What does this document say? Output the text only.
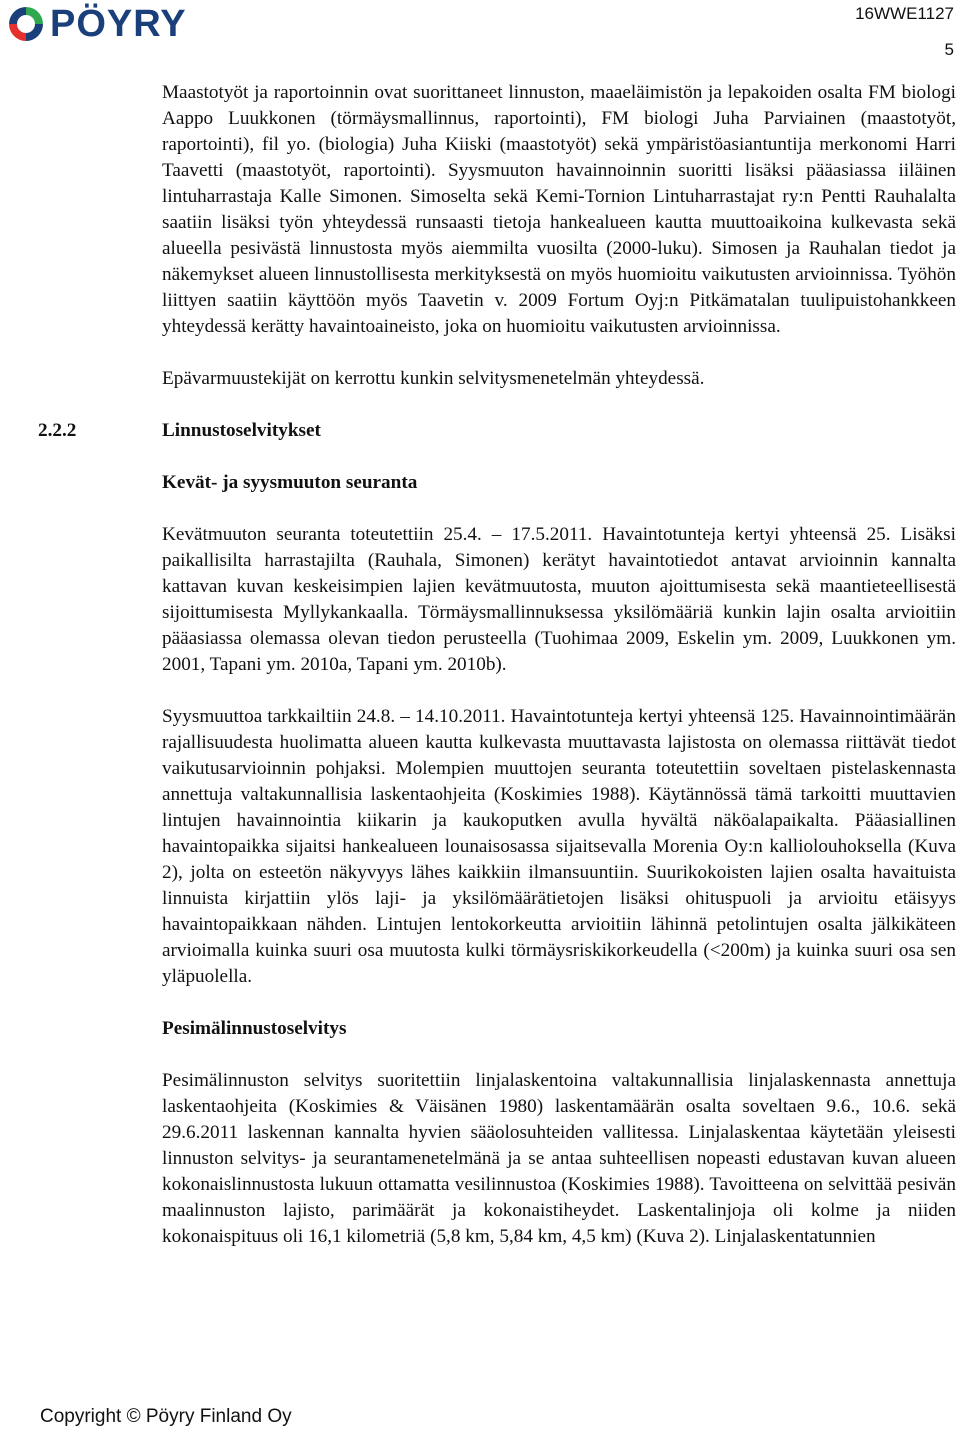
PÖYRY	16WWE1127
5

Maastotyöt ja raportoinnin ovat suorittaneet linnuston, maaeläimistön ja lepakoiden osalta FM biologi Aappo Luukkonen (törmäysmallinnus, raportointi), FM biologi Juha Parviainen (maastotyöt, raportointi), fil yo. (biologia) Juha Kiiski (maastotyöt) sekä ympäristöasiantuntija merkonomi Harri Taavetti (maastotyöt, raportointi). Syysmuuton havainnoinnin suoritti lisäksi pääasiassa iiläinen lintuharrastaja Kalle Simonen. Simoselta sekä Kemi-Tornion Lintuharrastajat ry:n Pentti Rauhalalta saatiin lisäksi työn yhteydessä runsaasti tietoja hankealueen kautta muuttoaikoina kulkevasta sekä alueella pesivästä linnustosta myös aiemmilta vuosilta (2000-luku). Simosen ja Rauhalan tiedot ja näkemykset alueen linnustollisesta merkityksestä on myös huomioitu vaikutusten arvioinnissa. Työhön liittyen saatiin käyttöön myös Taavetin v. 2009 Fortum Oyj:n Pitkämatalan tuulipuistohankkeen yhteydessä kerätty havaintoaineisto, joka on huomioitu vaikutusten arvioinnissa.

Epävarmuustekijät on kerrottu kunkin selvitysmenetelmän yhteydessä.

2.2.2	Linnustoselvitykset

Kevät- ja syysmuuton seuranta

Kevätmuuton seuranta toteutettiin 25.4. – 17.5.2011. Havaintotunteja kertyi yhteensä 25. Lisäksi paikallisilta harrastajilta (Rauhala, Simonen) kerätyt havaintotiedot antavat arvioinnin kannalta kattavan kuvan keskeisimpien lajien kevätmuutosta, muuton ajoittumisesta sekä maantieteellisestä sijoittumisesta Myllykankaalla. Törmäysmallinnuksessa yksilömääriä kunkin lajin osalta arvioitiin pääasiassa olemassa olevan tiedon perusteella (Tuohimaa 2009, Eskelin ym. 2009, Luukkonen ym. 2001, Tapani ym. 2010a, Tapani ym. 2010b).

Syysmuuttoa tarkkailtiin 24.8. – 14.10.2011. Havaintotunteja kertyi yhteensä 125. Havainnointimäärän rajallisuudesta huolimatta alueen kautta kulkevasta muuttavasta lajistosta on olemassa riittävät tiedot vaikutusarvioinnin pohjaksi. Molempien muuttojen seuranta toteutettiin soveltaen pistelaskennasta annettuja valtakunnallisia laskentaohjeita (Koskimies 1988). Käytännössä tämä tarkoitti muuttavien lintujen havainnointia kiikarin ja kaukoputken avulla hyvältä näköalapaikalta. Pääasiallinen havaintopaikka sijaitsi hankealueen lounaisosassa sijaitsevalla Morenia Oy:n kalliolouhoksella (Kuva 2), jolta on esteetön näkyvyys lähes kaikkiin ilmansuuntiin. Suurikokoisten lajien osalta havaituista linnuista kirjattiin ylös laji- ja yksilömäärätietojen lisäksi ohituspuoli ja arvioitu etäisyys havaintopaikkaan nähden. Lintujen lentokorkeutta arvioitiin lähinnä petolintujen osalta jälkikäteen arvioimalla kuinka suuri osa muutosta kulki törmäysriskikorkeudella (<200m) ja kuinka suuri osa sen yläpuolella.

Pesimälinnustoselvitys

Pesimälinnuston selvitys suoritettiin linjalaskentoina valtakunnallisia linjalaskennasta annettuja laskentaohjeita (Koskimies & Väisänen 1980) laskentamäärän osalta soveltaen 9.6., 10.6. sekä 29.6.2011 laskennan kannalta hyvien sääolosuhteiden vallitessa. Linjalaskentaa käytetään yleisesti linnuston selvitys- ja seurantamenetelmänä ja se antaa suhteellisen nopeasti edustavan kuvan alueen kokonaislinnustosta lukuun ottamatta vesilinnustoa (Koskimies 1988). Tavoitteena on selvittää pesivän maalinnuston lajisto, parimäärät ja kokonaistiheydet. Laskentalinjoja oli kolme ja niiden kokonaispituus oli 16,1 kilometriä (5,8 km, 5,84 km, 4,5 km) (Kuva 2). Linjalaskentatunnien

Copyright © Pöyry Finland Oy
